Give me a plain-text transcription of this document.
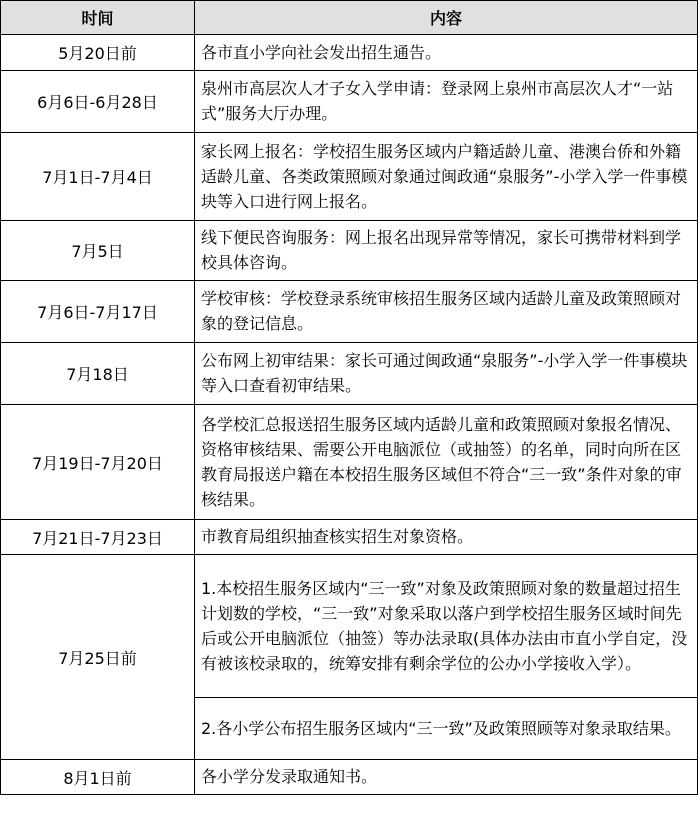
时间	内容
5月20日前	各市直小学向社会发出招生通告。
6月6日-6月28日	泉州市高层次人才子女入学申请：登录网上泉州市高层次人才“一站式”服务大厅办理。
7月1日-7月4日	家长网上报名：学校招生服务区域内户籍适龄儿童、港澳台侨和外籍适龄儿童、各类政策照顾对象通过闽政通“泉服务”-小学入学一件事模块等入口进行网上报名。
7月5日	线下便民咨询服务：网上报名出现异常等情况，家长可携带材料到学校具体咨询。
7月6日-7月17日	学校审核：学校登录系统审核招生服务区域内适龄儿童及政策照顾对象的登记信息。
7月18日	公布网上初审结果：家长可通过闽政通“泉服务”-小学入学一件事模块等入口查看初审结果。
7月19日-7月20日	各学校汇总报送招生服务区域内适龄儿童和政策照顾对象报名情况、资格审核结果、需要公开电脑派位（或抽签）的名单，同时向所在区教育局报送户籍在本校招生服务区域但不符合“三一致”条件对象的审核结果。
7月21日-7月23日	市教育局组织抽查核实招生对象资格。
7月25日前	1.本校招生服务区域内“三一致”对象及政策照顾对象的数量超过招生计划数的学校，“三一致”对象采取以落户到学校招生服务区域时间先后或公开电脑派位（抽签）等办法录取(具体办法由市直小学自定，没有被该校录取的，统筹安排有剩余学位的公办小学接收入学）。
	2.各小学公布招生服务区域内“三一致”及政策照顾等对象录取结果。
8月1日前	各小学分发录取通知书。
